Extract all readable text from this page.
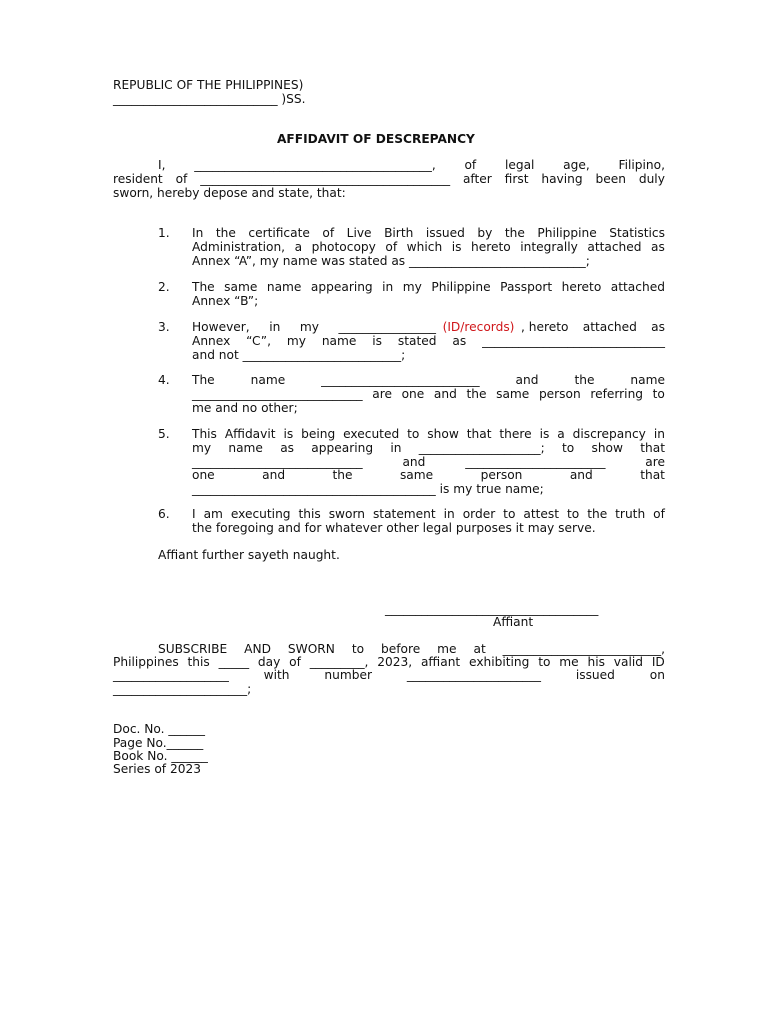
REPUBLIC OF THE PHILIPPINES)
___________________________ )SS.
AFFIDAVIT OF DESCREPANCY
I, _______________________________________, of legal age, Filipino,
resident of _________________________________________ after first having been duly
sworn, hereby depose and state, that:
1. In the certificate of Live Birth issued by the Philippine Statistics
Administration, a photocopy of which is hereto integrally attached as
Annex “A”, my name was stated as _____________________________;
2. The same name appearing in my Philippine Passport hereto attached
Annex “B”;
3. However, in my ________________ (ID/records) , hereto attached as
Annex “C”, my name is stated as ______________________________
and not __________________________;
4. The	name	__________________________	and	the	name
____________________________ are one and the same person referring to
me and no other;
5. This Affidavit is being executed to show that there is a discrepancy in
my name as appearing in ____________________; to show that
____________________________	and	_______________________	are
one	and	the	same	person	and	that
________________________________________ is my true name;
6. I am executing this sworn statement in order to attest to the truth of
the foregoing and for whatever other legal purposes it may serve.
Affiant further sayeth naught.
___________________________________
Affiant
SUBSCRIBE AND SWORN to before me at __________________________,
Philippines this _____ day of _________, 2023, affiant exhibiting to me his valid ID
___________________	with	number	______________________	issued	on
______________________;
Doc. No. ______
Page No.______
Book No. ______
Series of 2023
